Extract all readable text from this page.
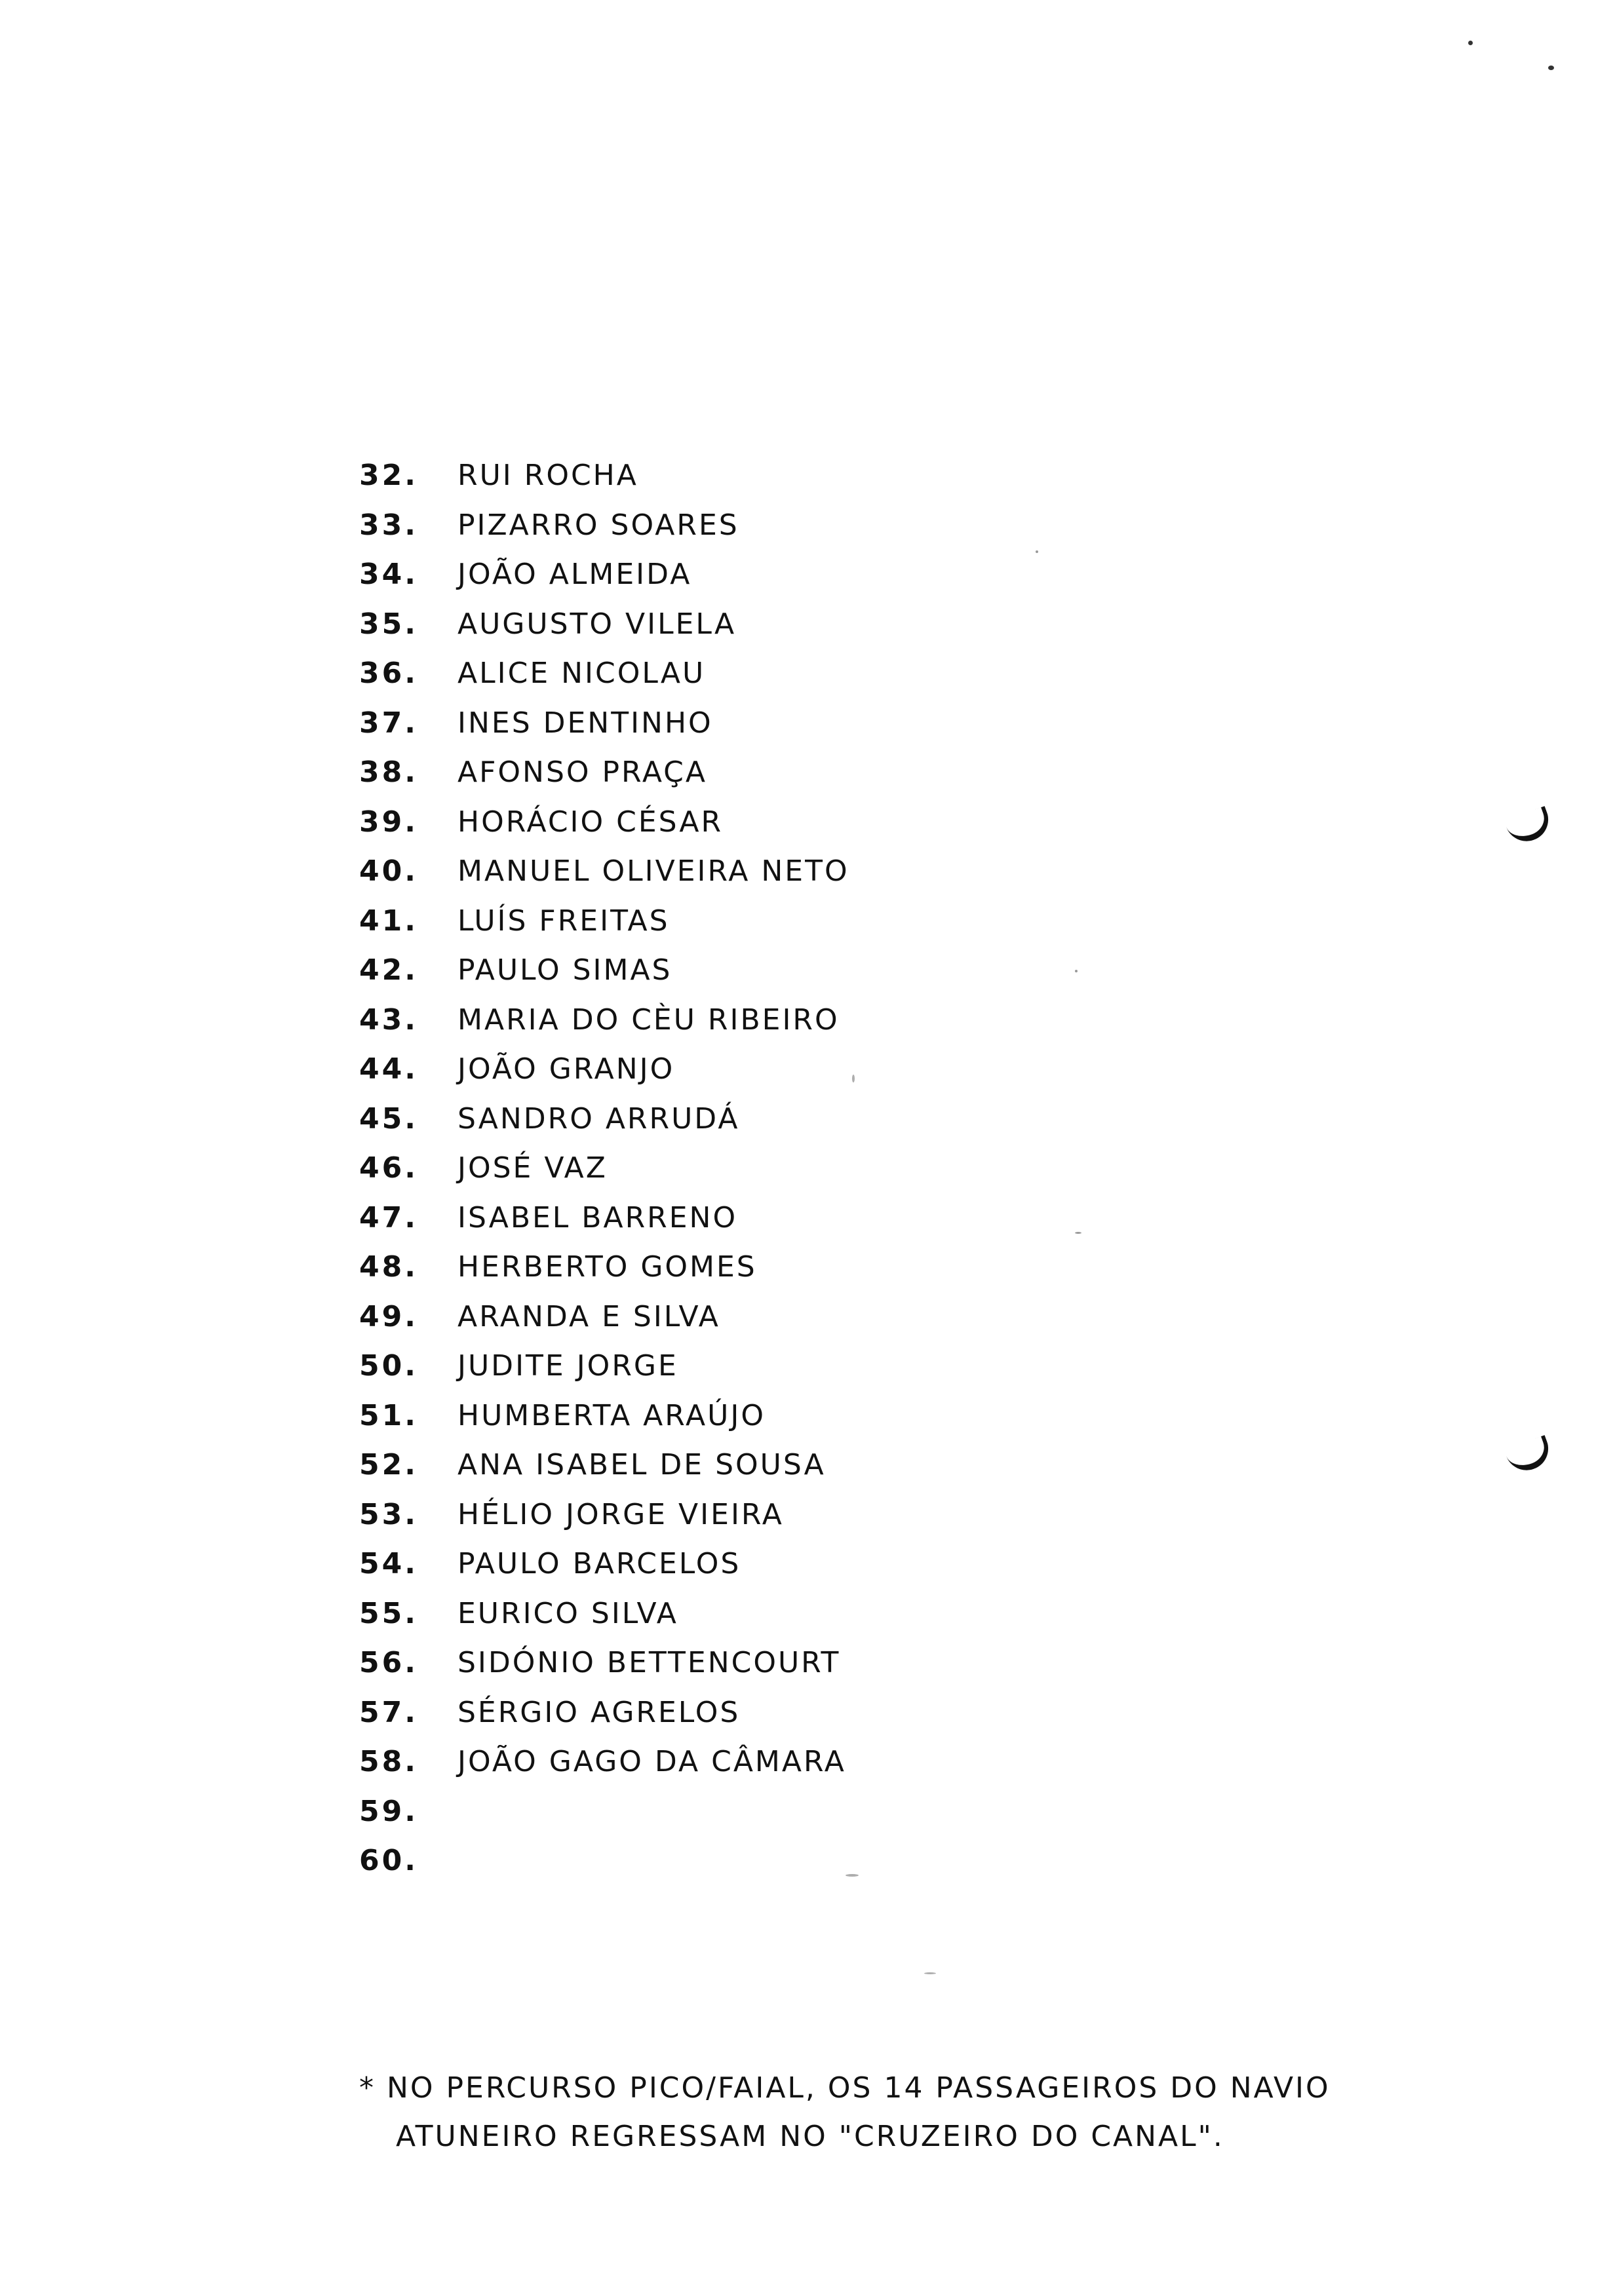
32.	RUI ROCHA
33.	PIZARRO SOARES
34.	JOÃO ALMEIDA
35.	AUGUSTO VILELA
36.	ALICE NICOLAU
37.	INES DENTINHO
38.	AFONSO PRAÇA
39.	HORÁCIO CÉSAR
40.	MANUEL OLIVEIRA NETO
41.	LUÍS FREITAS
42.	PAULO SIMAS
43.	MARIA DO CÈU RIBEIRO
44.	JOÃO GRANJO
45.	SANDRO ARRUDÁ
46.	JOSÉ VAZ
47.	ISABEL BARRENO
48.	HERBERTO GOMES
49.	ARANDA E SILVA
50.	JUDITE JORGE
51.	HUMBERTA ARAÚJO
52.	ANA ISABEL DE SOUSA
53.	HÉLIO JORGE VIEIRA
54.	PAULO BARCELOS
55.	EURICO SILVA
56.	SIDÓNIO BETTENCOURT
57.	SÉRGIO AGRELOS
58.	JOÃO GAGO DA CÂMARA
59.
60.
* NO PERCURSO PICO/FAIAL, OS 14 PASSAGEIROS DO NAVIO
ATUNEIRO REGRESSAM NO "CRUZEIRO DO CANAL".
